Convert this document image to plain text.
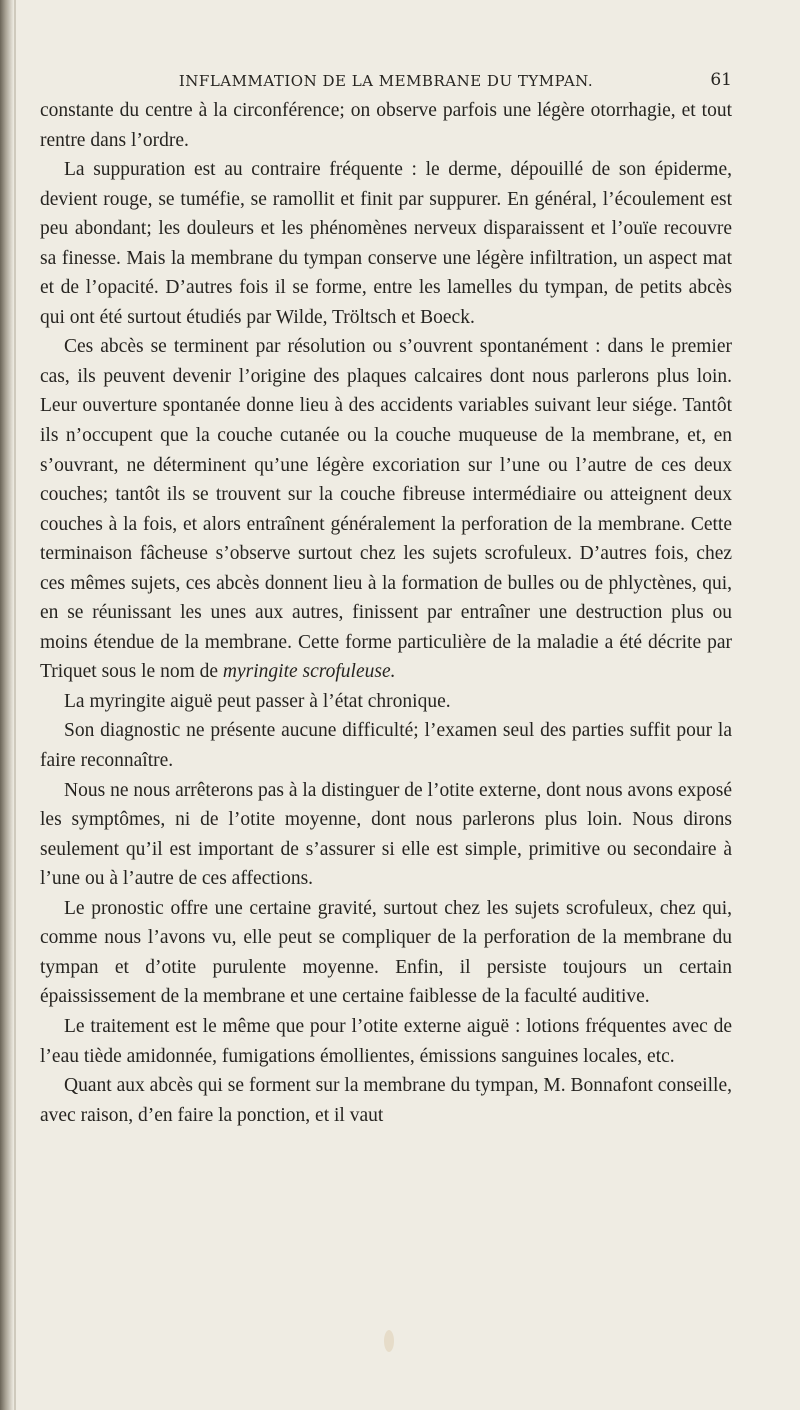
INFLAMMATION DE LA MEMBRANE DU TYMPAN.	61

constante du centre à la circonférence; on observe parfois une légère otorrhagie, et tout rentre dans l’ordre.

La suppuration est au contraire fréquente : le derme, dépouillé de son épiderme, devient rouge, se tuméfie, se ramollit et finit par suppurer. En général, l’écoulement est peu abondant; les douleurs et les phénomènes nerveux disparaissent et l’ouïe recouvre sa finesse. Mais la membrane du tympan conserve une légère infiltration, un aspect mat et de l’opacité. D’autres fois il se forme, entre les lamelles du tympan, de petits abcès qui ont été surtout étudiés par Wilde, Tröltsch et Boeck.

Ces abcès se terminent par résolution ou s’ouvrent spontanément : dans le premier cas, ils peuvent devenir l’origine des plaques calcaires dont nous parlerons plus loin. Leur ouverture spontanée donne lieu à des accidents variables suivant leur siége. Tantôt ils n’occupent que la couche cutanée ou la couche muqueuse de la membrane, et, en s’ouvrant, ne déterminent qu’une légère excoriation sur l’une ou l’autre de ces deux couches; tantôt ils se trouvent sur la couche fibreuse intermédiaire ou atteignent deux couches à la fois, et alors entraînent généralement la perforation de la membrane. Cette terminaison fâcheuse s’observe surtout chez les sujets scrofuleux. D’autres fois, chez ces mêmes sujets, ces abcès donnent lieu à la formation de bulles ou de phlyctènes, qui, en se réunissant les unes aux autres, finissent par entraîner une destruction plus ou moins étendue de la membrane. Cette forme particulière de la maladie a été décrite par Triquet sous le nom de myringite scrofuleuse.

La myringite aiguë peut passer à l’état chronique.

Son diagnostic ne présente aucune difficulté; l’examen seul des parties suffit pour la faire reconnaître.

Nous ne nous arrêterons pas à la distinguer de l’otite externe, dont nous avons exposé les symptômes, ni de l’otite moyenne, dont nous parlerons plus loin. Nous dirons seulement qu’il est important de s’assurer si elle est simple, primitive ou secondaire à l’une ou à l’autre de ces affections.

Le pronostic offre une certaine gravité, surtout chez les sujets scrofuleux, chez qui, comme nous l’avons vu, elle peut se compliquer de la perforation de la membrane du tympan et d’otite purulente moyenne. Enfin, il persiste toujours un certain épaississement de la membrane et une certaine faiblesse de la faculté auditive.

Le traitement est le même que pour l’otite externe aiguë : lotions fréquentes avec de l’eau tiède amidonnée, fumigations émollientes, émissions sanguines locales, etc.

Quant aux abcès qui se forment sur la membrane du tympan, M. Bonnafont conseille, avec raison, d’en faire la ponction, et il vaut
